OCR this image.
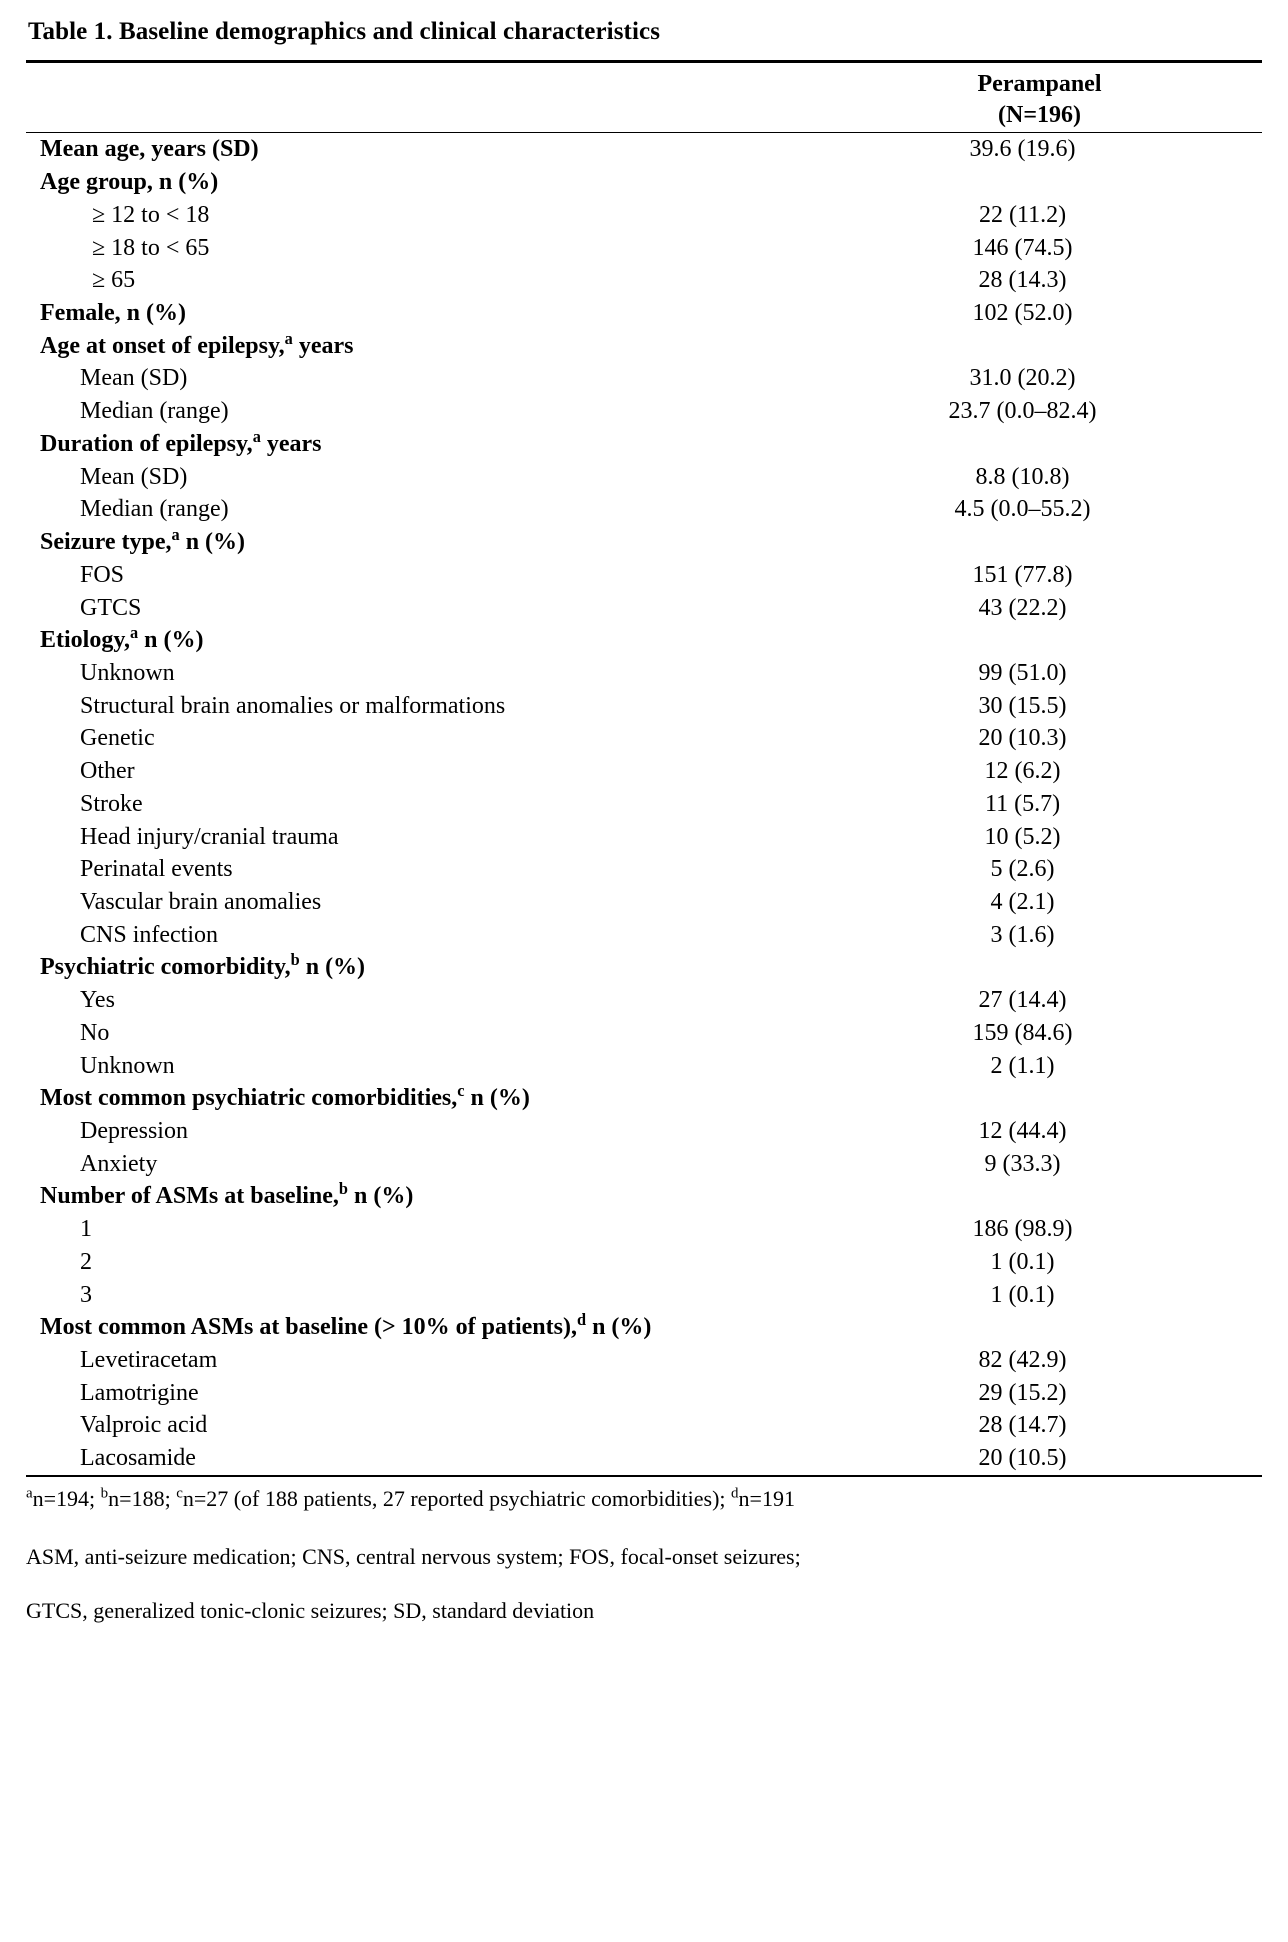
Table 1. Baseline demographics and clinical characteristics
	Perampanel
(N=196)

Mean age, years (SD)	39.6 (19.6)
Age group, n (%)	
≥ 12 to < 18	22 (11.2)
≥ 18 to < 65	146 (74.5)
≥ 65	28 (14.3)
Female, n (%)	102 (52.0)
Age at onset of epilepsy,$^a$ years	
Mean (SD)	31.0 (20.2)
Median (range)	23.7 (0.0–82.4)
Duration of epilepsy,$^a$ years	
Mean (SD)	8.8 (10.8)
Median (range)	4.5 (0.0–55.2)
Seizure type,$^a$ n (%)	
FOS	151 (77.8)
GTCS	43 (22.2)
Etiology,$^a$ n (%)	
Unknown	99 (51.0)
Structural brain anomalies or malformations	30 (15.5)
Genetic	20 (10.3)
Other	12 (6.2)
Stroke	11 (5.7)
Head injury/cranial trauma	10 (5.2)
Perinatal events	5 (2.6)
Vascular brain anomalies	4 (2.1)
CNS infection	3 (1.6)
Psychiatric comorbidity,$^b$ n (%)	
Yes	27 (14.4)
No	159 (84.6)
Unknown	2 (1.1)
Most common psychiatric comorbidities,$^c$ n (%)	
Depression	12 (44.4)
Anxiety	9 (33.3)
Number of ASMs at baseline,$^b$ n (%)	
1	186 (98.9)
2	1 (0.1)
3	1 (0.1)
Most common ASMs at baseline (> 10% of patients),$^d$ n (%)	
Levetiracetam	82 (42.9)
Lamotrigine	29 (15.2)
Valproic acid	28 (14.7)
Lacosamide	20 (10.5)
$^a$n=194; $^b$n=188; $^c$n=27 (of 188 patients, 27 reported psychiatric comorbidities); $^d$n=191
ASM, anti-seizure medication; CNS, central nervous system; FOS, focal-onset seizures;
GTCS, generalized tonic-clonic seizures; SD, standard deviation
